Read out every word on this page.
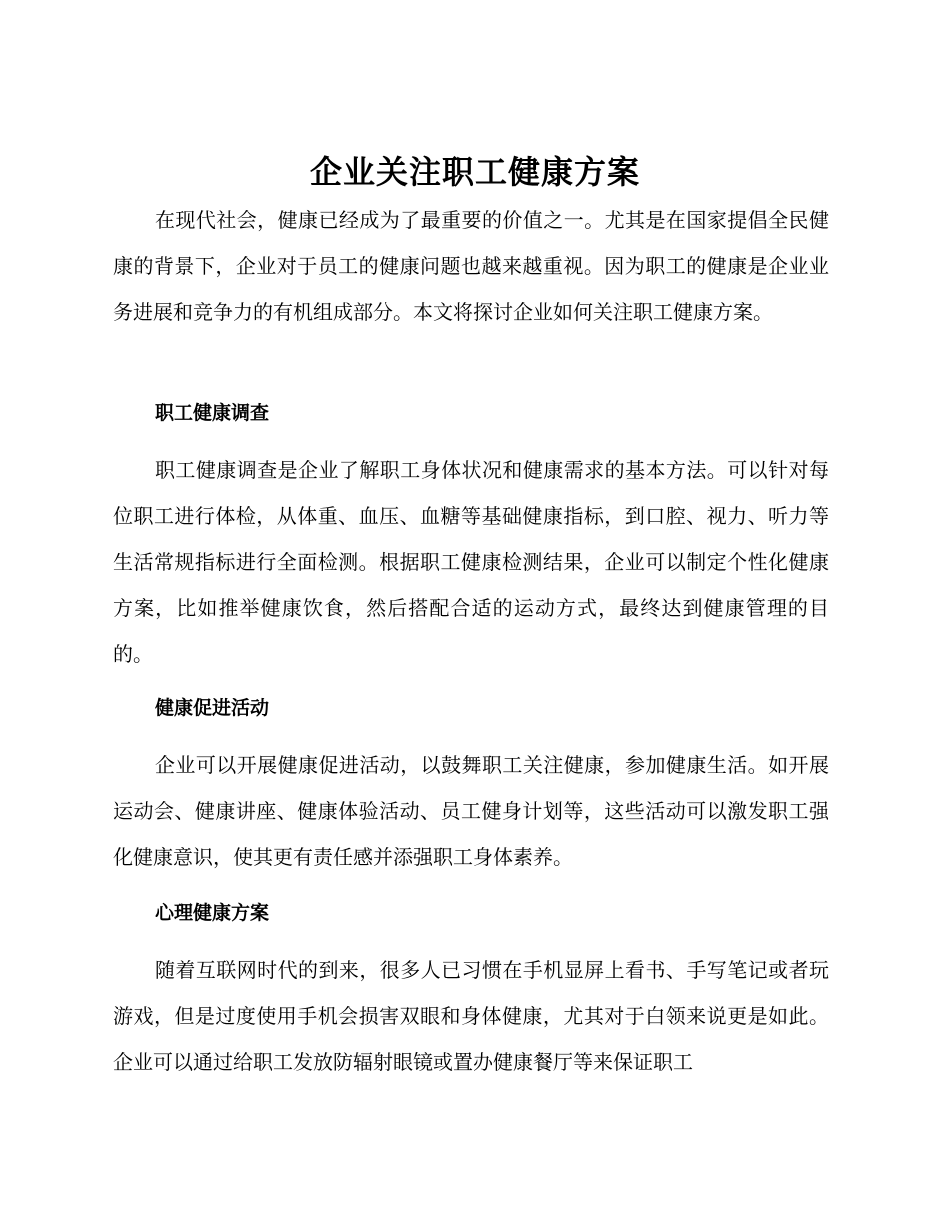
企业关注职工健康方案

在现代社会，健康已经成为了最重要的价值之一。尤其是在国家提倡全民健康的背景下，企业对于员工的健康问题也越来越重视。因为职工的健康是企业业务进展和竞争力的有机组成部分。本文将探讨企业如何关注职工健康方案。

职工健康调查

职工健康调查是企业了解职工身体状况和健康需求的基本方法。可以针对每位职工进行体检，从体重、血压、血糖等基础健康指标，到口腔、视力、听力等生活常规指标进行全面检测。根据职工健康检测结果，企业可以制定个性化健康方案，比如推举健康饮食，然后搭配合适的运动方式，最终达到健康管理的目的。

健康促进活动

企业可以开展健康促进活动，以鼓舞职工关注健康，参加健康生活。如开展运动会、健康讲座、健康体验活动、员工健身计划等，这些活动可以激发职工强化健康意识，使其更有责任感并添强职工身体素养。

心理健康方案

随着互联网时代的到来，很多人已习惯在手机显屏上看书、手写笔记或者玩游戏，但是过度使用手机会损害双眼和身体健康，尤其对于白领来说更是如此。企业可以通过给职工发放防辐射眼镜或置办健康餐厅等来保证职工
